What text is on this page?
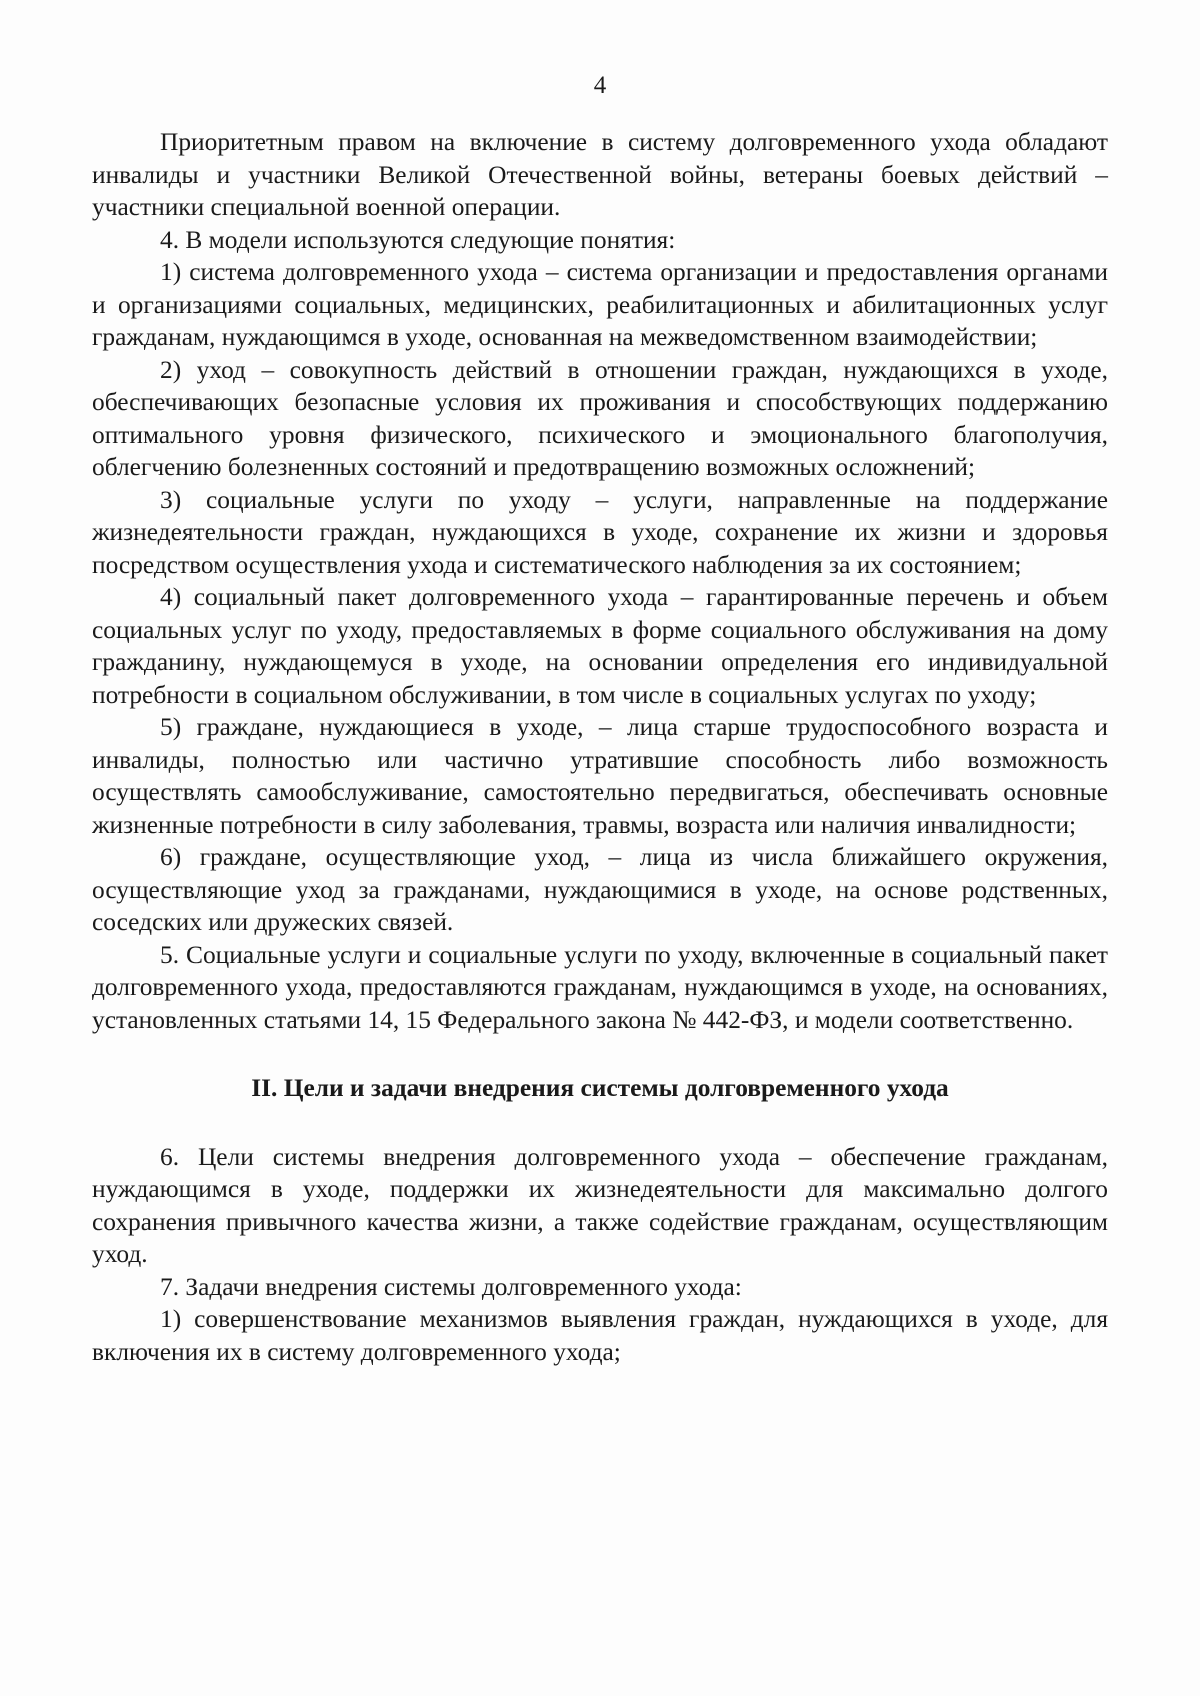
4

Приоритетным правом на включение в систему долговременного ухода обладают инвалиды и участники Великой Отечественной войны, ветераны боевых действий – участники специальной военной операции.

4. В модели используются следующие понятия:

1) система долговременного ухода – система организации и предоставления органами и организациями социальных, медицинских, реабилитационных и абилитационных услуг гражданам, нуждающимся в уходе, основанная на межведомственном взаимодействии;

2) уход – совокупность действий в отношении граждан, нуждающихся в уходе, обеспечивающих безопасные условия их проживания и способствующих поддержанию оптимального уровня физического, психического и эмоционального благополучия, облегчению болезненных состояний и предотвращению возможных осложнений;

3) социальные услуги по уходу – услуги, направленные на поддержание жизнедеятельности граждан, нуждающихся в уходе, сохранение их жизни и здоровья посредством осуществления ухода и систематического наблюдения за их состоянием;

4) социальный пакет долговременного ухода – гарантированные перечень и объем социальных услуг по уходу, предоставляемых в форме социального обслуживания на дому гражданину, нуждающемуся в уходе, на основании определения его индивидуальной потребности в социальном обслуживании, в том числе в социальных услугах по уходу;

5) граждане, нуждающиеся в уходе, – лица старше трудоспособного возраста и инвалиды, полностью или частично утратившие способность либо возможность осуществлять самообслуживание, самостоятельно передвигаться, обеспечивать основные жизненные потребности в силу заболевания, травмы, возраста или наличия инвалидности;

6) граждане, осуществляющие уход, – лица из числа ближайшего окружения, осуществляющие уход за гражданами, нуждающимися в уходе, на основе родственных, соседских или дружеских связей.

5. Социальные услуги и социальные услуги по уходу, включенные в социальный пакет долговременного ухода, предоставляются гражданам, нуждающимся в уходе, на основаниях, установленных статьями 14, 15 Федерального закона № 442-ФЗ, и модели соответственно.

II. Цели и задачи внедрения системы долговременного ухода

6. Цели системы внедрения долговременного ухода – обеспечение гражданам, нуждающимся в уходе, поддержки их жизнедеятельности для максимально долгого сохранения привычного качества жизни, а также содействие гражданам, осуществляющим уход.

7. Задачи внедрения системы долговременного ухода:

1) совершенствование механизмов выявления граждан, нуждающихся в уходе, для включения их в систему долговременного ухода;
